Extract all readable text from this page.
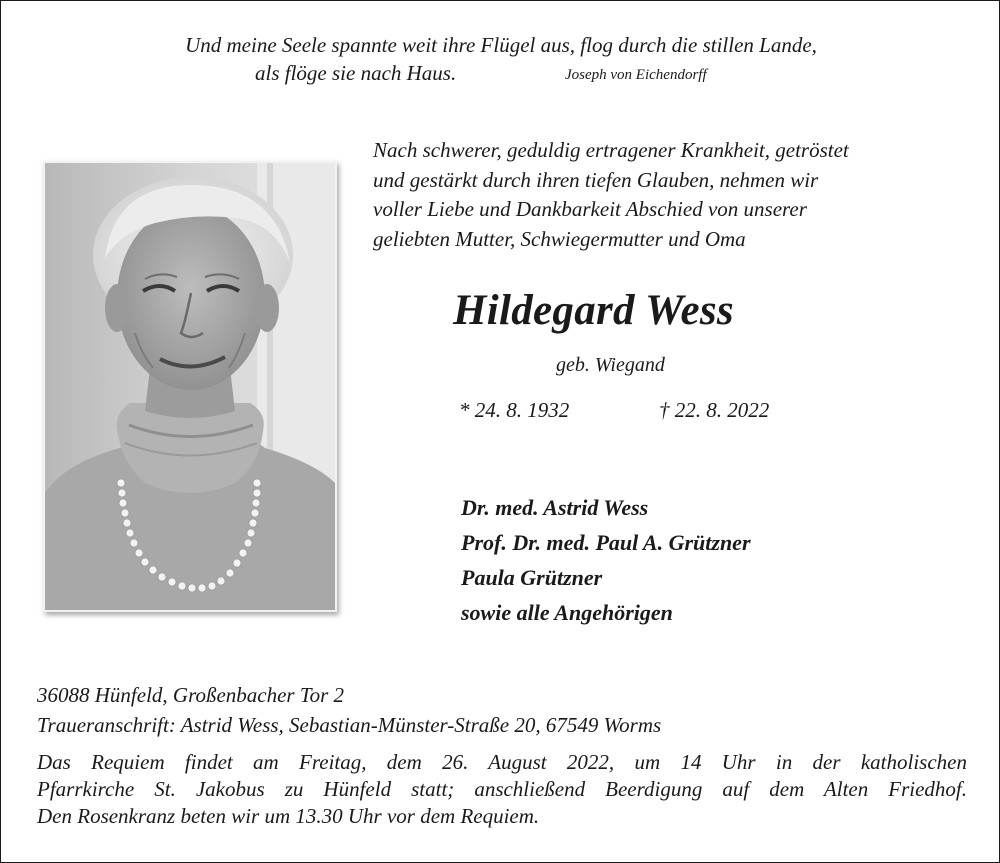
Und meine Seele spannte weit ihre Flügel aus, flog durch die stillen Lande,
als flöge sie nach Haus.	Joseph von Eichendorff
Nach schwerer, geduldig ertragener Krankheit, getröstet
und gestärkt durch ihren tiefen Glauben, nehmen wir
voller Liebe und Dankbarkeit Abschied von unserer
geliebten Mutter, Schwiegermutter und Oma
Hildegard Wess
geb. Wiegand
* 24. 8. 1932	† 22. 8. 2022
Dr. med. Astrid Wess
Prof. Dr. med. Paul A. Grützner
Paula Grützner
sowie alle Angehörigen
36088 Hünfeld, Großenbacher Tor 2
Traueranschrift: Astrid Wess, Sebastian-Münster-Straße 20, 67549 Worms
Das Requiem findet am Freitag, dem 26. August 2022, um 14 Uhr in der katholischen
Pfarrkirche St. Jakobus zu Hünfeld statt; anschließend Beerdigung auf dem Alten Friedhof.
Den Rosenkranz beten wir um 13.30 Uhr vor dem Requiem.
